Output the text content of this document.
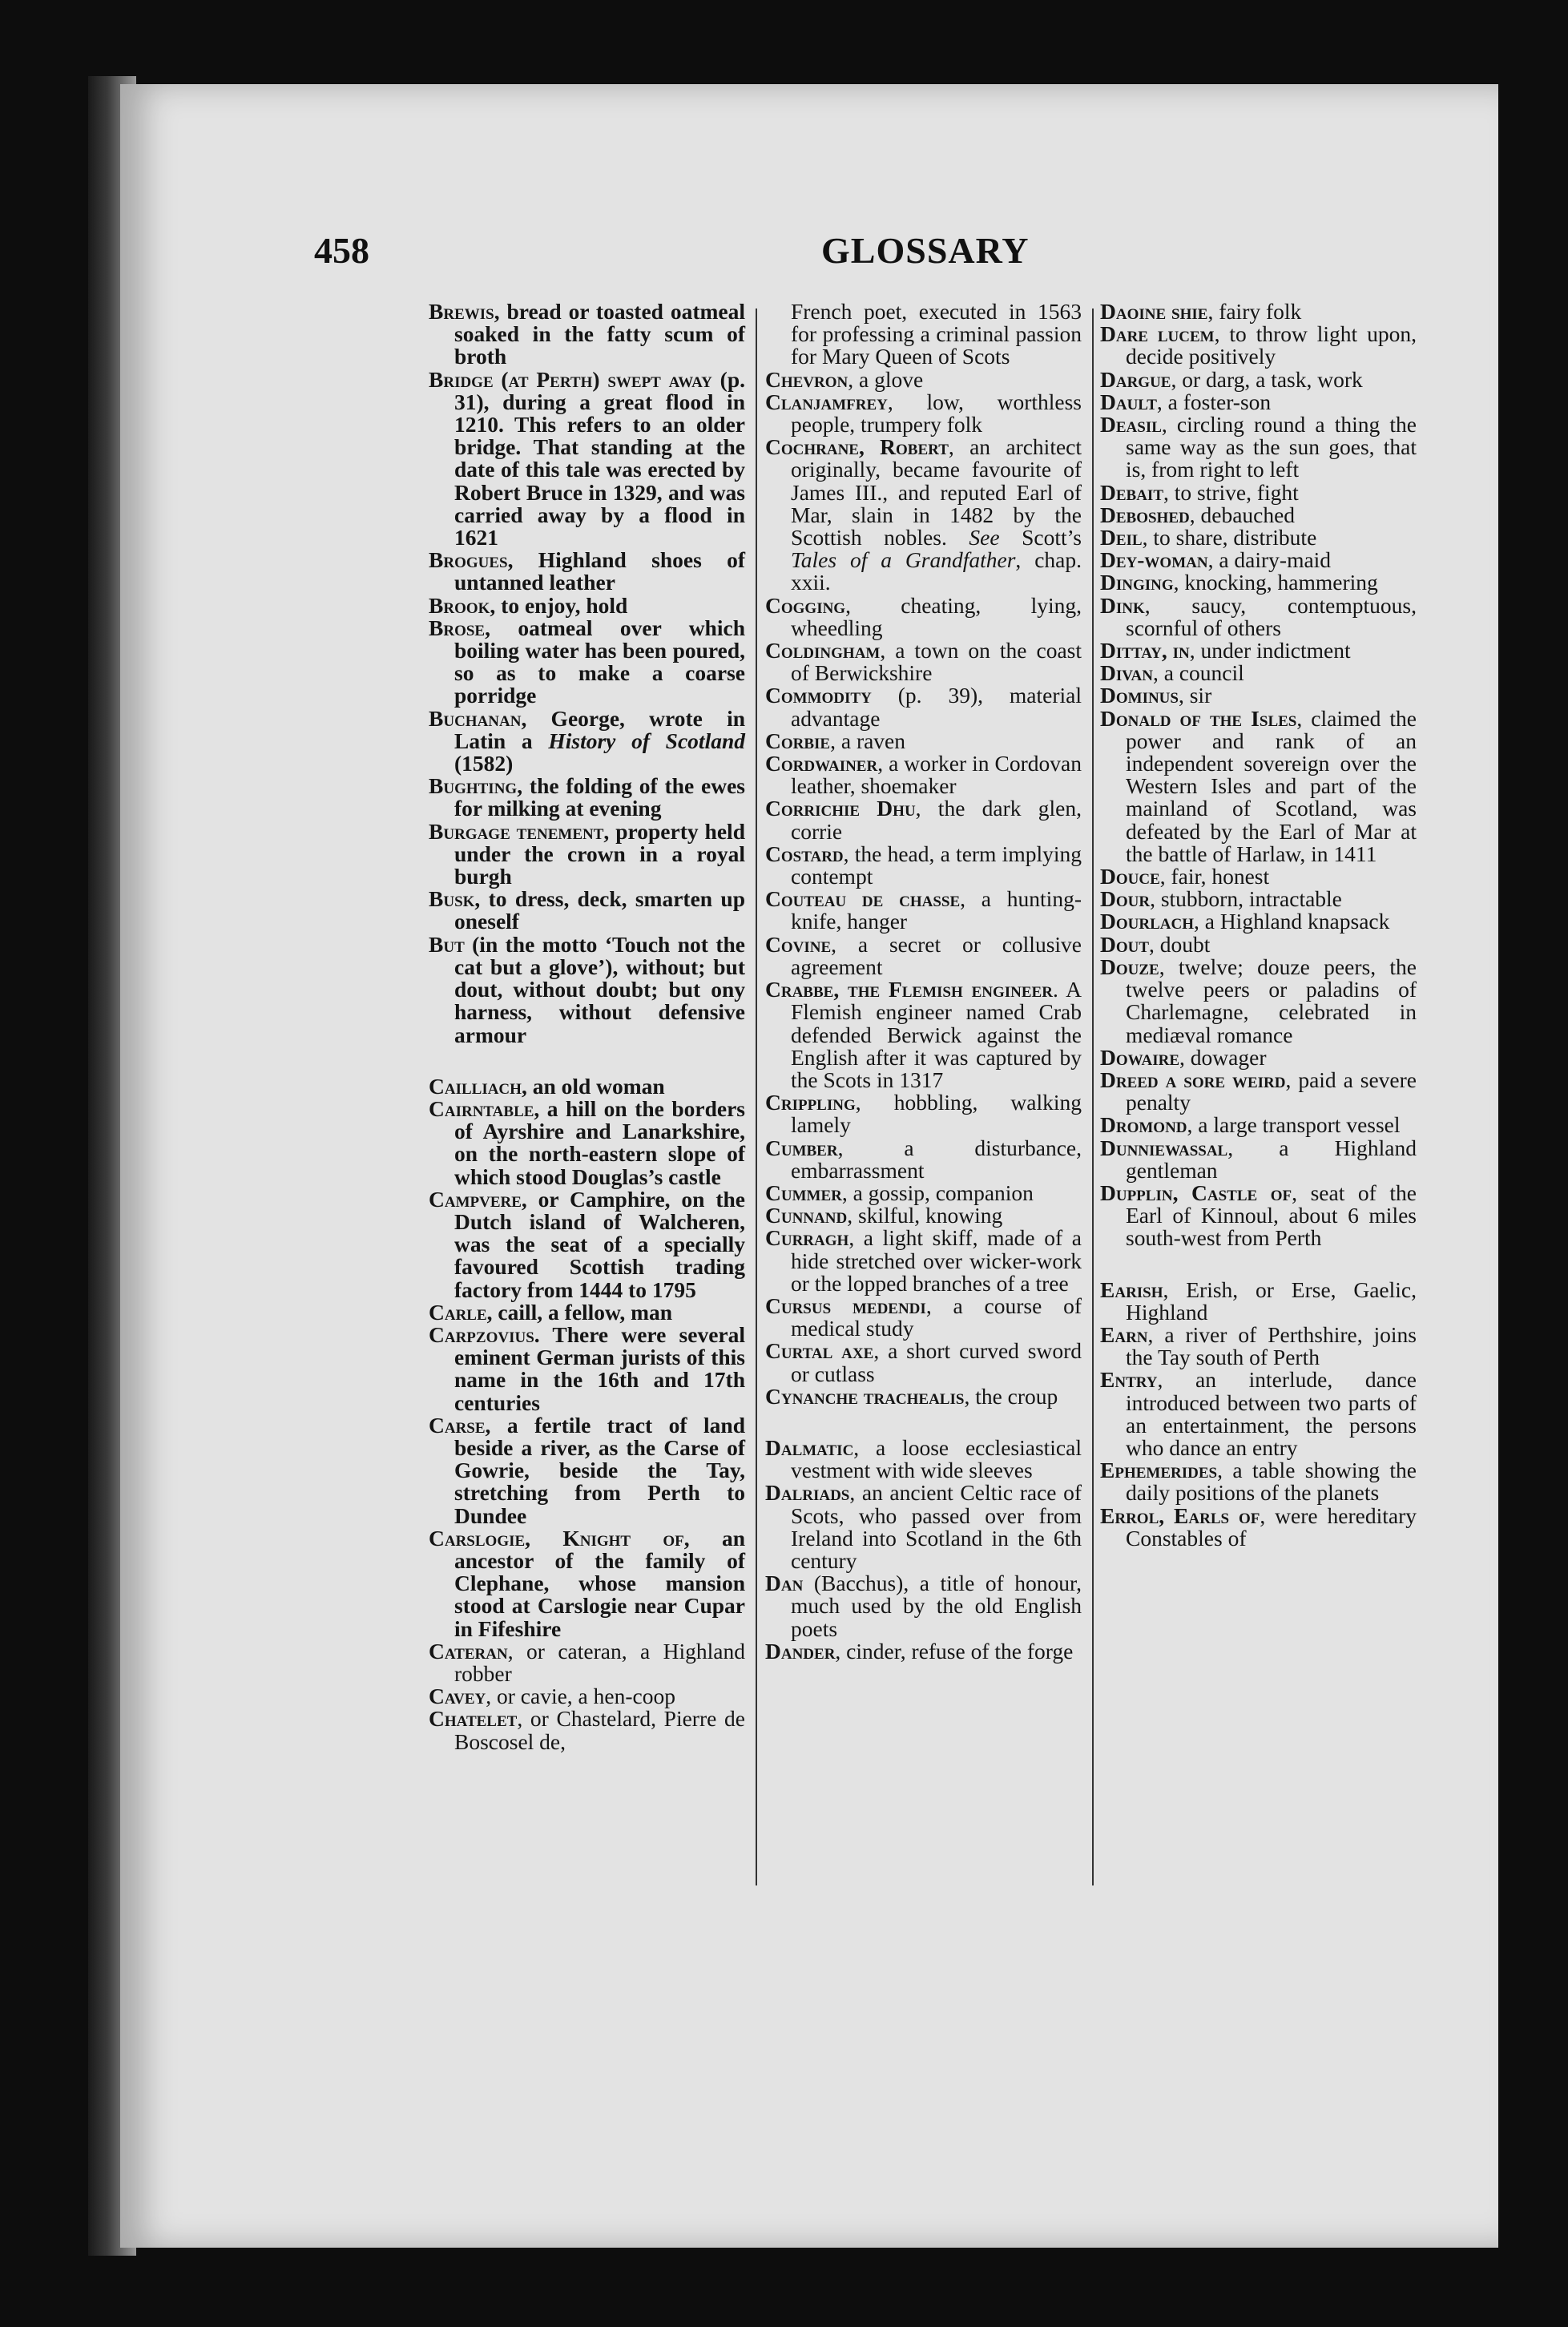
458	GLOSSARY

Brewis, bread or toasted oatmeal soaked in the fatty scum of broth

Bridge (at Perth) swept away (p. 31), during a great flood in 1210. This refers to an older bridge. That standing at the date of this tale was erected by Robert Bruce in 1329, and was carried away by a flood in 1621

Brogues, Highland shoes of untanned leather

Brook, to enjoy, hold

Brose, oatmeal over which boiling water has been poured, so as to make a coarse porridge

Buchanan, George, wrote in Latin a History of Scotland (1582)

Bughting, the folding of the ewes for milking at evening

Burgage tenement, property held under the crown in a royal burgh

Busk, to dress, deck, smarten up oneself

But (in the motto ‘Touch not the cat but a glove’), without; but dout, without doubt; but ony harness, without defensive armour

Cailliach, an old woman

Cairntable, a hill on the borders of Ayrshire and Lanarkshire, on the north-eastern slope of which stood Douglas’s castle

Campvere, or Camphire, on the Dutch island of Walcheren, was the seat of a specially favoured Scottish trading factory from 1444 to 1795

Carle, caill, a fellow, man

Carpzovius. There were several eminent German jurists of this name in the 16th and 17th centuries

Carse, a fertile tract of land beside a river, as the Carse of Gowrie, beside the Tay, stretching from Perth to Dundee

Carslogie, Knight of, an ancestor of the family of Clephane, whose mansion stood at Carslogie near Cupar in Fifeshire

Cateran, or cateran, a Highland robber

Cavey, or cavie, a hen-coop

Chatelet, or Chastelard, Pierre de Boscosel de,

French poet, executed in 1563 for professing a criminal passion for Mary Queen of Scots

Chevron, a glove

Clanjamfrey, low, worthless people, trumpery folk

Cochrane, Robert, an architect originally, became favourite of James III., and reputed Earl of Mar, slain in 1482 by the Scottish nobles. See Scott’s Tales of a Grandfather, chap. xxii.

Cogging, cheating, lying, wheedling

Coldingham, a town on the coast of Berwickshire

Commodity (p. 39), material advantage

Corbie, a raven

Cordwainer, a worker in Cordovan leather, shoemaker

Corrichie Dhu, the dark glen, corrie

Costard, the head, a term implying contempt

Couteau de chasse, a hunting-knife, hanger

Covine, a secret or collusive agreement

Crabbe, the Flemish engineer. A Flemish engineer named Crab defended Berwick against the English after it was captured by the Scots in 1317

Crippling, hobbling, walking lamely

Cumber, a disturbance, embarrassment

Cummer, a gossip, companion

Cunnand, skilful, knowing

Curragh, a light skiff, made of a hide stretched over wicker-work or the lopped branches of a tree

Cursus medendi, a course of medical study

Curtal axe, a short curved sword or cutlass

Cynanche trachealis, the croup

Dalmatic, a loose ecclesiastical vestment with wide sleeves

Dalriads, an ancient Celtic race of Scots, who passed over from Ireland into Scotland in the 6th century

Dan (Bacchus), a title of honour, much used by the old English poets

Dander, cinder, refuse of the forge

Daoine shie, fairy folk

Dare lucem, to throw light upon, decide positively

Dargue, or darg, a task, work

Dault, a foster-son

Deasil, circling round a thing the same way as the sun goes, that is, from right to left

Debait, to strive, fight

Deboshed, debauched

Deil, to share, distribute

Dey-woman, a dairy-maid

Dinging, knocking, hammering

Dink, saucy, contemptuous, scornful of others

Dittay, in, under indictment

Divan, a council

Dominus, sir

Donald of the Isles, claimed the power and rank of an independent sovereign over the Western Isles and part of the mainland of Scotland, was defeated by the Earl of Mar at the battle of Harlaw, in 1411

Douce, fair, honest

Dour, stubborn, intractable

Dourlach, a Highland knapsack

Dout, doubt

Douze, twelve; douze peers, the twelve peers or paladins of Charlemagne, celebrated in mediæval romance

Dowaire, dowager

Dreed a sore weird, paid a severe penalty

Dromond, a large transport vessel

Dunniewassal, a Highland gentleman

Dupplin, Castle of, seat of the Earl of Kinnoul, about 6 miles south-west from Perth

Earish, Erish, or Erse, Gaelic, Highland

Earn, a river of Perthshire, joins the Tay south of Perth

Entry, an interlude, dance introduced between two parts of an entertainment, the persons who dance an entry

Ephemerides, a table showing the daily positions of the planets

Errol, Earls of, were hereditary Constables of
